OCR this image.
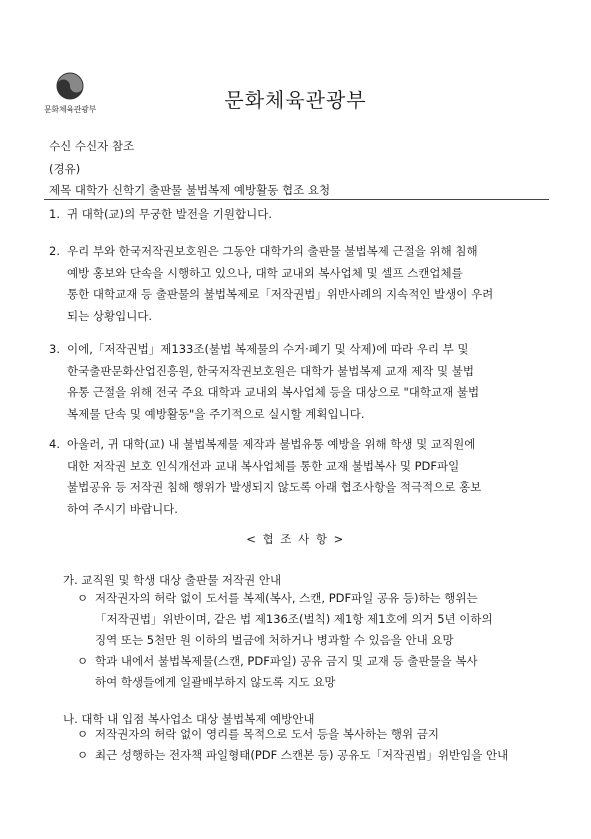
문화체육관광부	문화체육관광부
수신 수신자 참조
(경유)
제목 대학가 신학기 출판물 불법복제 예방활동 협조 요청
1. 귀 대학(교)의 무궁한 발전을 기원합니다.
2. 우리 부와 한국저작권보호원은 그동안 대학가의 출판물 불법복제 근절을 위해 침해
예방 홍보와 단속을 시행하고 있으나, 대학 교내외 복사업체 및 셀프 스캔업체를
통한 대학교재 등 출판물의 불법복제로「저작권법」위반사례의 지속적인 발생이 우려
되는 상황입니다.
3. 이에,「저작권법」제133조(불법 복제물의 수거·폐기 및 삭제)에 따라 우리 부 및
한국출판문화산업진흥원, 한국저작권보호원은 대학가 불법복제 교재 제작 및 불법
유통 근절을 위해 전국 주요 대학과 교내외 복사업체 등을 대상으로 "대학교재 불법
복제물 단속 및 예방활동"을 주기적으로 실시할 계획입니다.
4. 아울러, 귀 대학(교) 내 불법복제물 제작과 불법유통 예방을 위해 학생 및 교직원에
대한 저작권 보호 인식개선과 교내 복사업체를 통한 교재 불법복사 및 PDF파일
불법공유 등 저작권 침해 행위가 발생되지 않도록 아래 협조사항을 적극적으로 홍보
하여 주시기 바랍니다.
< 협 조 사 항 >
가. 교직원 및 학생 대상 출판물 저작권 안내
ㅇ 저작권자의 허락 없이 도서를 복제(복사, 스캔, PDF파일 공유 등)하는 행위는
「저작권법」위반이며, 같은 법 제136조(벌칙) 제1항 제1호에 의거 5년 이하의
징역 또는 5천만 원 이하의 벌금에 처하거나 병과할 수 있음을 안내 요망
ㅇ 학과 내에서 불법복제물(스캔, PDF파일) 공유 금지 및 교재 등 출판물을 복사
하여 학생들에게 일괄배부하지 않도록 지도 요망
나. 대학 내 입점 복사업소 대상 불법복제 예방안내
ㅇ 저작권자의 허락 없이 영리를 목적으로 도서 등을 복사하는 행위 금지
ㅇ 최근 성행하는 전자책 파일형태(PDF 스캔본 등) 공유도「저작권법」위반임을 안내
